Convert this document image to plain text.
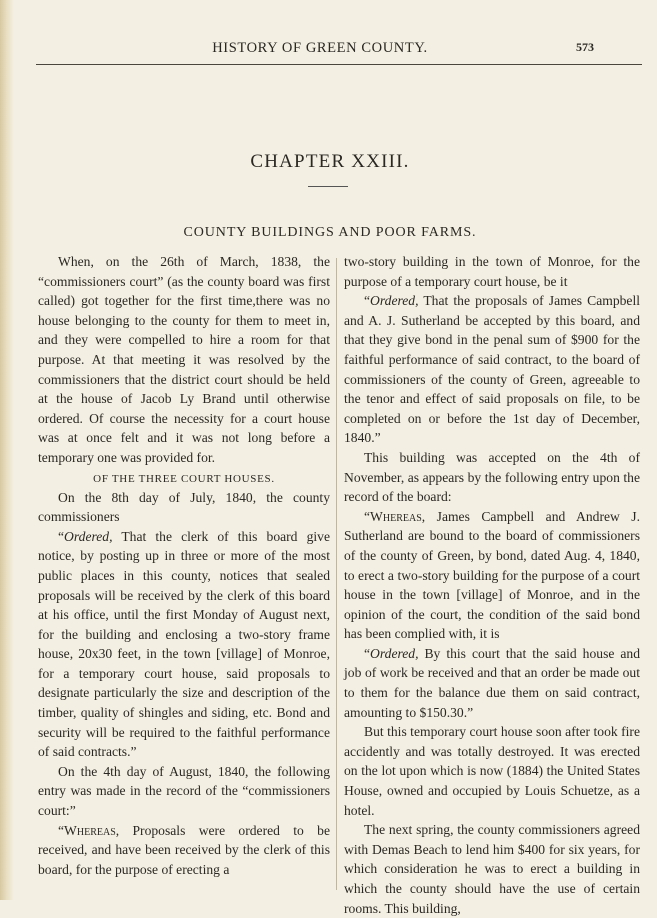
HISTORY OF GREEN COUNTY.	573
CHAPTER XXIII.
COUNTY BUILDINGS AND POOR FARMS.

When, on the 26th of March, 1838, the “commissioners court” (as the county board was first called) got together for the first time,there was no house belonging to the county for them to meet in, and they were compelled to hire a room for that purpose. At that meeting it was resolved by the commissioners that the district court should be held at the house of Jacob Ly Brand until otherwise ordered. Of course the necessity for a court house was at once felt and it was not long before a temporary one was provided for.

OF THE THREE COURT HOUSES.

On the 8th day of July, 1840, the county commissioners

“Ordered, That the clerk of this board give notice, by posting up in three or more of the most public places in this county, notices that sealed proposals will be received by the clerk of this board at his office, until the first Monday of August next, for the building and enclosing a two-story frame house, 20x30 feet, in the town [village] of Monroe, for a temporary court house, said proposals to designate particularly the size and description of the timber, quality of shingles and siding, etc. Bond and security will be required to the faithful performance of said contracts.”

On the 4th day of August, 1840, the following entry was made in the record of the “commissioners court:”

“Whereas, Proposals were ordered to be received, and have been received by the clerk of this board, for the purpose of erecting a

two-story building in the town of Monroe, for the purpose of a temporary court house, be it

“Ordered, That the proposals of James Campbell and A. J. Sutherland be accepted by this board, and that they give bond in the penal sum of $900 for the faithful performance of said contract, to the board of commissioners of the county of Green, agreeable to the tenor and effect of said proposals on file, to be completed on or before the 1st day of December, 1840.”

This building was accepted on the 4th of November, as appears by the following entry upon the record of the board:

“Whereas, James Campbell and Andrew J. Sutherland are bound to the board of commissioners of the county of Green, by bond, dated Aug. 4, 1840, to erect a two-story building for the purpose of a court house in the town [village] of Monroe, and in the opinion of the court, the condition of the said bond has been complied with, it is

“Ordered, By this court that the said house and job of work be received and that an order be made out to them for the balance due them on said contract, amounting to $150.30.”

But this temporary court house soon after took fire accidently and was totally destroyed. It was erected on the lot upon which is now (1884) the United States House, owned and occupied by Louis Schuetze, as a hotel.

The next spring, the county commissioners agreed with Demas Beach to lend him $400 for six years, for which consideration he was to erect a building in which the county should have the use of certain rooms. This building,
